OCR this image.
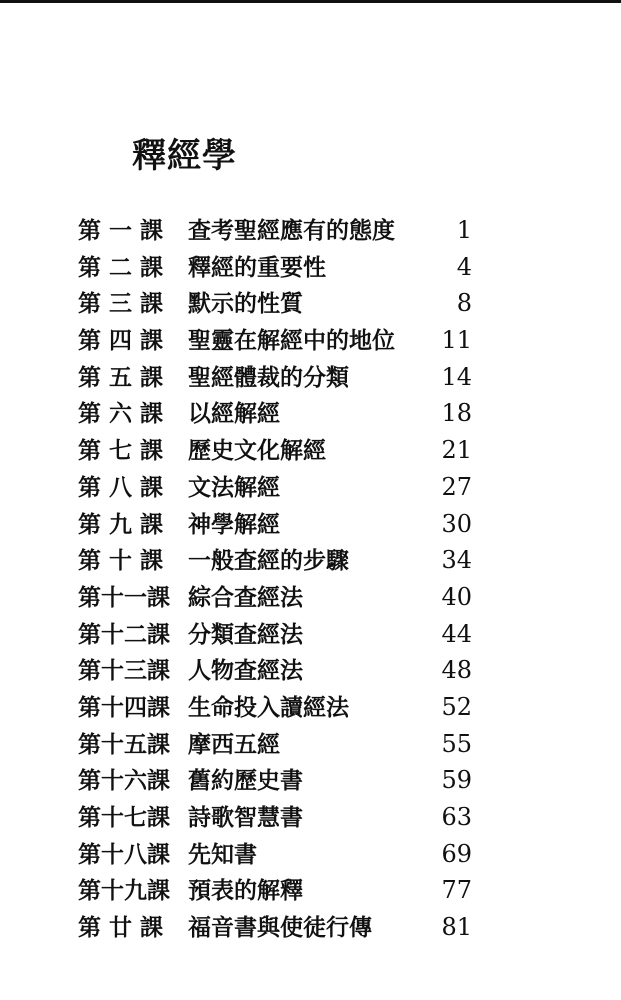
釋經學
第 一 課	查考聖經應有的態度	1
第 二 課	釋經的重要性	4
第 三 課	默示的性質	8
第 四 課	聖靈在解經中的地位 11
第 五 課	聖經體裁的分類	14
第 六 課	以經解經	18
第 七 課	歷史文化解經	21
第 八 課	文法解經	27
第 九 課	神學解經	30
第 十 課	一般查經的步驟	34
第十一課 綜合查經法	40
第十二課 分類查經法	44
第十三課 人物查經法	48
第十四課 生命投入讀經法	52
第十五課 摩西五經	55
第十六課 舊約歷史書	59
第十七課 詩歌智慧書	63
第十八課 先知書	69
第十九課 預表的解釋	77
第 廿 課	福音書與使徒行傳	81
